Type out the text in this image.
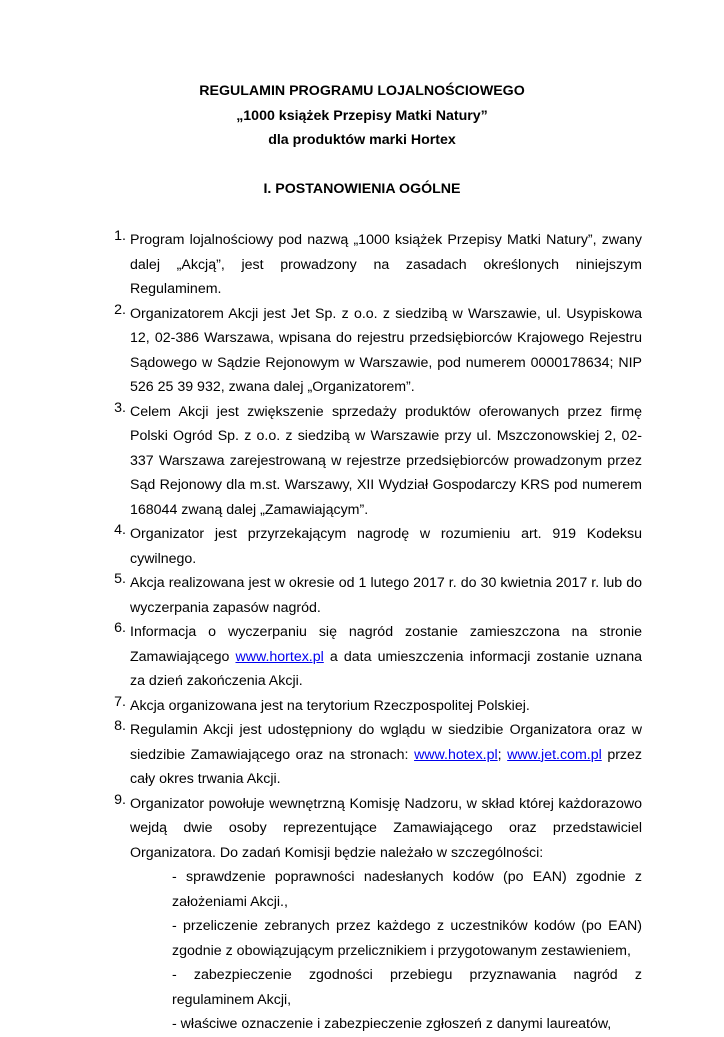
REGULAMIN PROGRAMU LOJALNOŚCIOWEGO
„1000 książek Przepisy Matki Natury”
dla produktów marki Hortex
I. POSTANOWIENIA OGÓLNE
1. Program lojalnościowy pod nazwą „1000 książek Przepisy Matki Natury”, zwany dalej „Akcją”, jest prowadzony na zasadach określonych niniejszym Regulaminem.
2. Organizatorem Akcji jest Jet Sp. z o.o. z siedzibą w Warszawie, ul. Usypiskowa 12, 02-386 Warszawa, wpisana do rejestru przedsiębiorców Krajowego Rejestru Sądowego w Sądzie Rejonowym w Warszawie, pod numerem 0000178634; NIP 526 25 39 932, zwana dalej „Organizatorem”.
3. Celem Akcji jest zwiększenie sprzedaży produktów oferowanych przez firmę Polski Ogród Sp. z o.o. z siedzibą w Warszawie przy ul. Mszczonowskiej 2, 02-337 Warszawa zarejestrowaną w rejestrze przedsiębiorców prowadzonym przez Sąd Rejonowy dla m.st. Warszawy, XII Wydział Gospodarczy KRS pod numerem 168044 zwaną dalej „Zamawiającym”.
4. Organizator jest przyrzekającym nagrodę w rozumieniu art. 919 Kodeksu cywilnego.
5. Akcja realizowana jest w okresie od 1 lutego 2017 r. do 30 kwietnia 2017 r. lub do wyczerpania zapasów nagród.
6. Informacja o wyczerpaniu się nagród zostanie zamieszczona na stronie Zamawiającego www.hortex.pl a data umieszczenia informacji zostanie uznana za dzień zakończenia Akcji.
7. Akcja organizowana jest na terytorium Rzeczpospolitej Polskiej.
8. Regulamin Akcji jest udostępniony do wglądu w siedzibie Organizatora oraz w siedzibie Zamawiającego oraz na stronach: www.hotex.pl; www.jet.com.pl przez cały okres trwania Akcji.
9. Organizator powołuje wewnętrzną Komisję Nadzoru, w skład której każdorazowo wejdą dwie osoby reprezentujące Zamawiającego oraz przedstawiciel Organizatora. Do zadań Komisji będzie należało w szczególności:
- sprawdzenie poprawności nadesłanych kodów (po EAN) zgodnie z założeniami Akcji.,
- przeliczenie zebranych przez każdego z uczestników kodów (po EAN) zgodnie z obowiązującym przelicznikiem i przygotowanym zestawieniem,
- zabezpieczenie zgodności przebiegu przyznawania nagród z regulaminem Akcji,
- właściwe oznaczenie i zabezpieczenie zgłoszeń z danymi laureatów,
